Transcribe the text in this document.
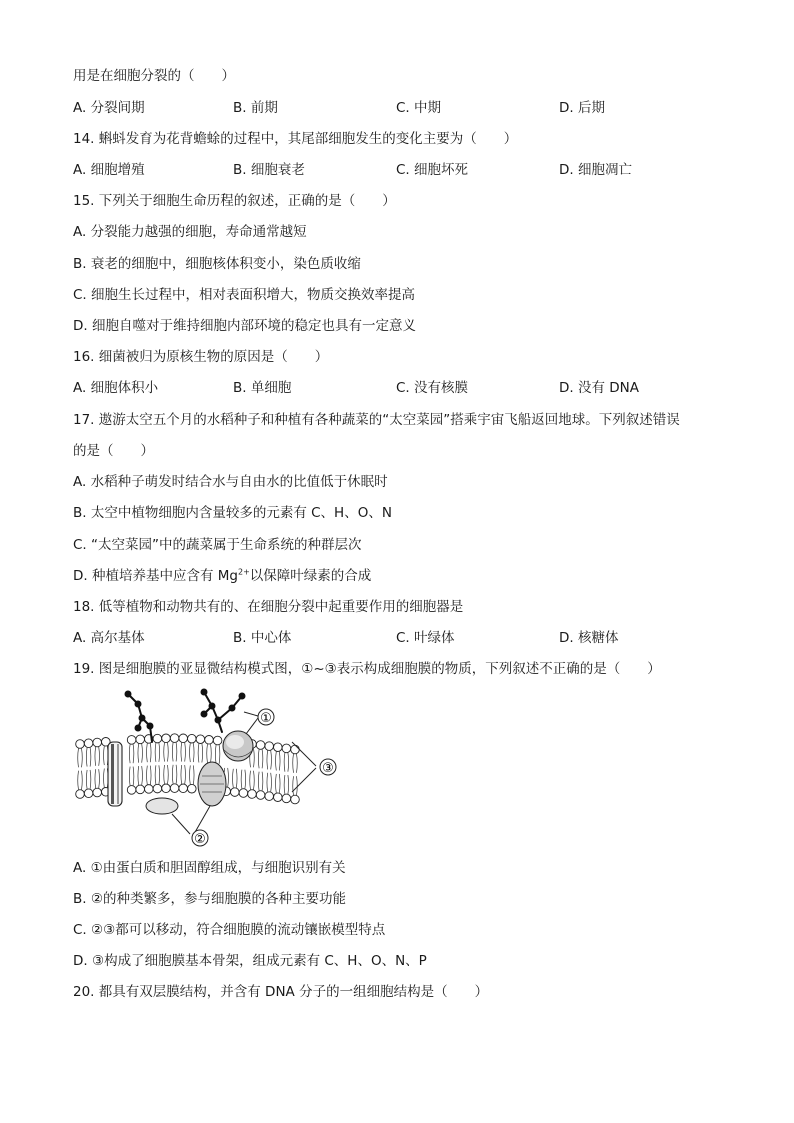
用是在细胞分裂的（　　）
A. 分裂间期	B. 前期	C. 中期	D. 后期
14. 蝌蚪发育为花背蟾蜍的过程中，其尾部细胞发生的变化主要为（　　）
A. 细胞增殖	B. 细胞衰老	C. 细胞坏死	D. 细胞凋亡
15. 下列关于细胞生命历程的叙述，正确的是（　　）
A. 分裂能力越强的细胞，寿命通常越短
B. 衰老的细胞中，细胞核体积变小，染色质收缩
C. 细胞生长过程中，相对表面积增大，物质交换效率提高
D. 细胞自噬对于维持细胞内部环境的稳定也具有一定意义
16. 细菌被归为原核生物的原因是（　　）
A. 细胞体积小	B. 单细胞	C. 没有核膜	D. 没有 DNA
17. 遨游太空五个月的水稻种子和种植有各种蔬菜的“太空菜园”搭乘宇宙飞船返回地球。下列叙述错误
的是（　　）
A. 水稻种子萌发时结合水与自由水的比值低于休眠时
B. 太空中植物细胞内含量较多的元素有 C、H、O、N
C. “太空菜园”中的蔬菜属于生命系统的种群层次
D. 种植培养基中应含有 $Mg^{2+}$以保障叶绿素的合成
18. 低等植物和动物共有的、在细胞分裂中起重要作用的细胞器是
A. 高尔基体	B. 中心体	C. 叶绿体	D. 核糖体
19. 图是细胞膜的亚显微结构模式图，①~③表示构成细胞膜的物质，下列叙述不正确的是（　　）
①
②
③
A. ①由蛋白质和胆固醇组成，与细胞识别有关
B. ②的种类繁多，参与细胞膜的各种主要功能
C. ②③都可以移动，符合细胞膜的流动镶嵌模型特点
D. ③构成了细胞膜基本骨架，组成元素有 C、H、O、N、P
20. 都具有双层膜结构，并含有 DNA 分子的一组细胞结构是（　　）
